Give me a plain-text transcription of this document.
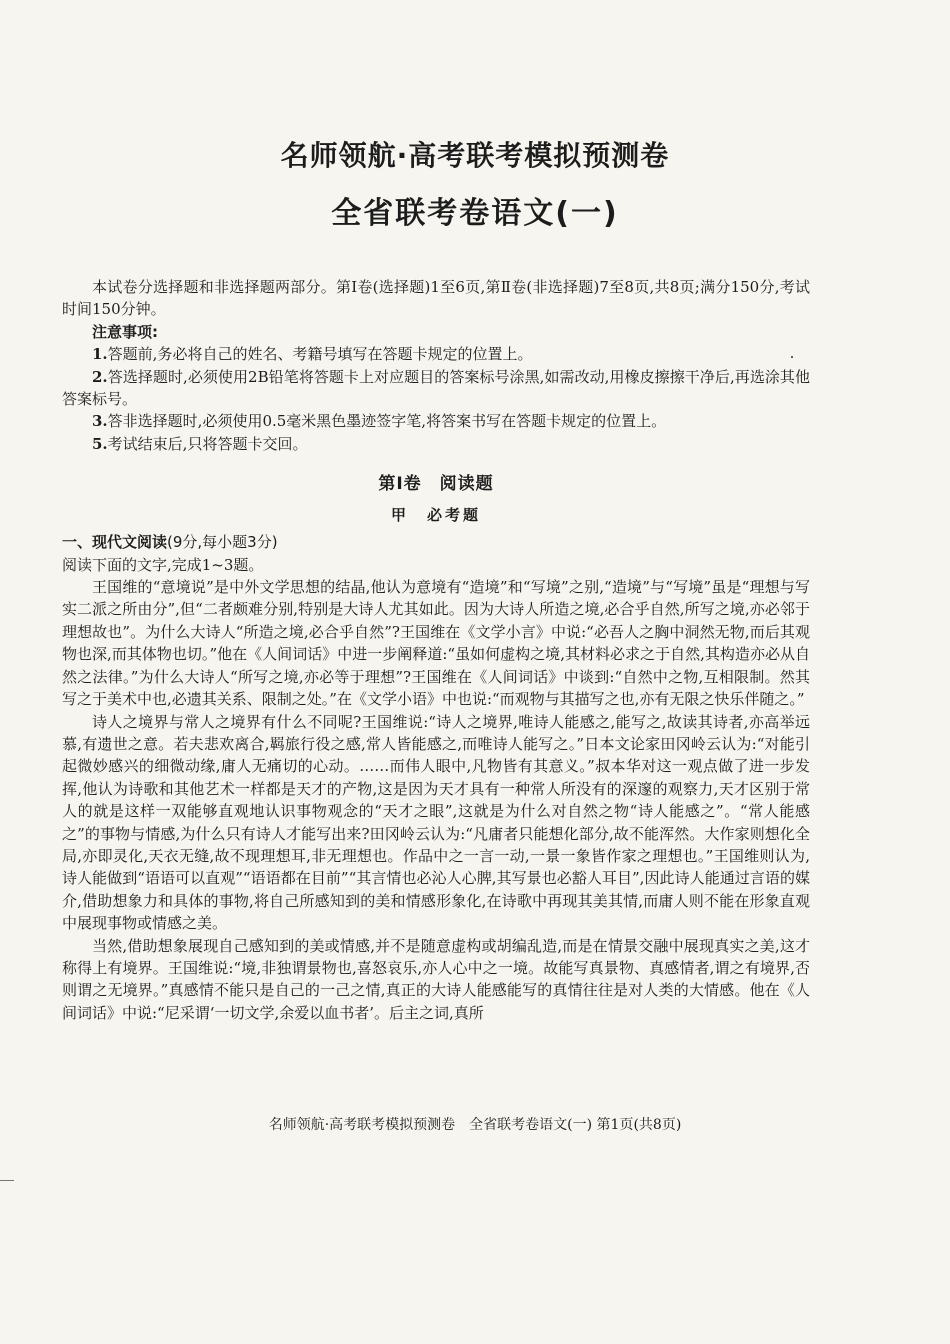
名师领航·高考联考模拟预测卷
全省联考卷语文(一)

本试卷分选择题和非选择题两部分。第Ⅰ卷(选择题)1至6页,第Ⅱ卷(非选择题)7至8页,共8页;满分150分,考试时间150分钟。

注意事项:

1.答题前,务必将自己的姓名、考籍号填写在答题卡规定的位置上。

2.答选择题时,必须使用2B铅笔将答题卡上对应题目的答案标号涂黑,如需改动,用橡皮擦擦干净后,再选涂其他答案标号。

3.答非选择题时,必须使用0.5毫米黑色墨迹签字笔,将答案书写在答题卡规定的位置上。

5.考试结束后,只将答题卡交回。

第Ⅰ卷　阅读题
甲　必考题

一、现代文阅读(9分,每小题3分)

阅读下面的文字,完成1~3题。

王国维的“意境说”是中外文学思想的结晶,他认为意境有“造境”和“写境”之别,“造境”与“写境”虽是“理想与写实二派之所由分”,但“二者颇难分别,特别是大诗人尤其如此。因为大诗人所造之境,必合乎自然,所写之境,亦必邻于理想故也”。为什么大诗人“所造之境,必合乎自然”?王国维在《文学小言》中说:“必吾人之胸中洞然无物,而后其观物也深,而其体物也切。”他在《人间词话》中进一步阐释道:“虽如何虚构之境,其材料必求之于自然,其构造亦必从自然之法律。”为什么大诗人“所写之境,亦必等于理想”?王国维在《人间词话》中谈到:“自然中之物,互相限制。然其写之于美术中也,必遗其关系、限制之处。”在《文学小语》中也说:“而观物与其描写之也,亦有无限之快乐伴随之。”

诗人之境界与常人之境界有什么不同呢?王国维说:“诗人之境界,唯诗人能感之,能写之,故读其诗者,亦高举远慕,有遗世之意。若夫悲欢离合,羁旅行役之感,常人皆能感之,而唯诗人能写之。”日本文论家田冈岭云认为:“对能引起微妙感兴的细微动缘,庸人无痛切的心动。……而伟人眼中,凡物皆有其意义。”叔本华对这一观点做了进一步发挥,他认为诗歌和其他艺术一样都是天才的产物,这是因为天才具有一种常人所没有的深邃的观察力,天才区别于常人的就是这样一双能够直观地认识事物观念的“天才之眼”,这就是为什么对自然之物“诗人能感之”。“常人能感之”的事物与情感,为什么只有诗人才能写出来?田冈岭云认为:“凡庸者只能想化部分,故不能浑然。大作家则想化全局,亦即灵化,天衣无缝,故不现理想耳,非无理想也。作品中之一言一动,一景一象皆作家之理想也。”王国维则认为,诗人能做到“语语可以直观”“语语都在目前”“其言情也必沁人心脾,其写景也必豁人耳目”,因此诗人能通过言语的媒介,借助想象力和具体的事物,将自己所感知到的美和情感形象化,在诗歌中再现其美其情,而庸人则不能在形象直观中展现事物或情感之美。

当然,借助想象展现自己感知到的美或情感,并不是随意虚构或胡编乱造,而是在情景交融中展现真实之美,这才称得上有境界。王国维说:“境,非独谓景物也,喜怒哀乐,亦人心中之一境。故能写真景物、真感情者,谓之有境界,否则谓之无境界。”真感情不能只是自己的一己之情,真正的大诗人能感能写的真情往往是对人类的大情感。他在《人间词话》中说:“尼采谓‘一切文学,余爱以血书者’。后主之词,真所

名师领航·高考联考模拟预测卷　全省联考卷语文(一) 第1页(共8页)
